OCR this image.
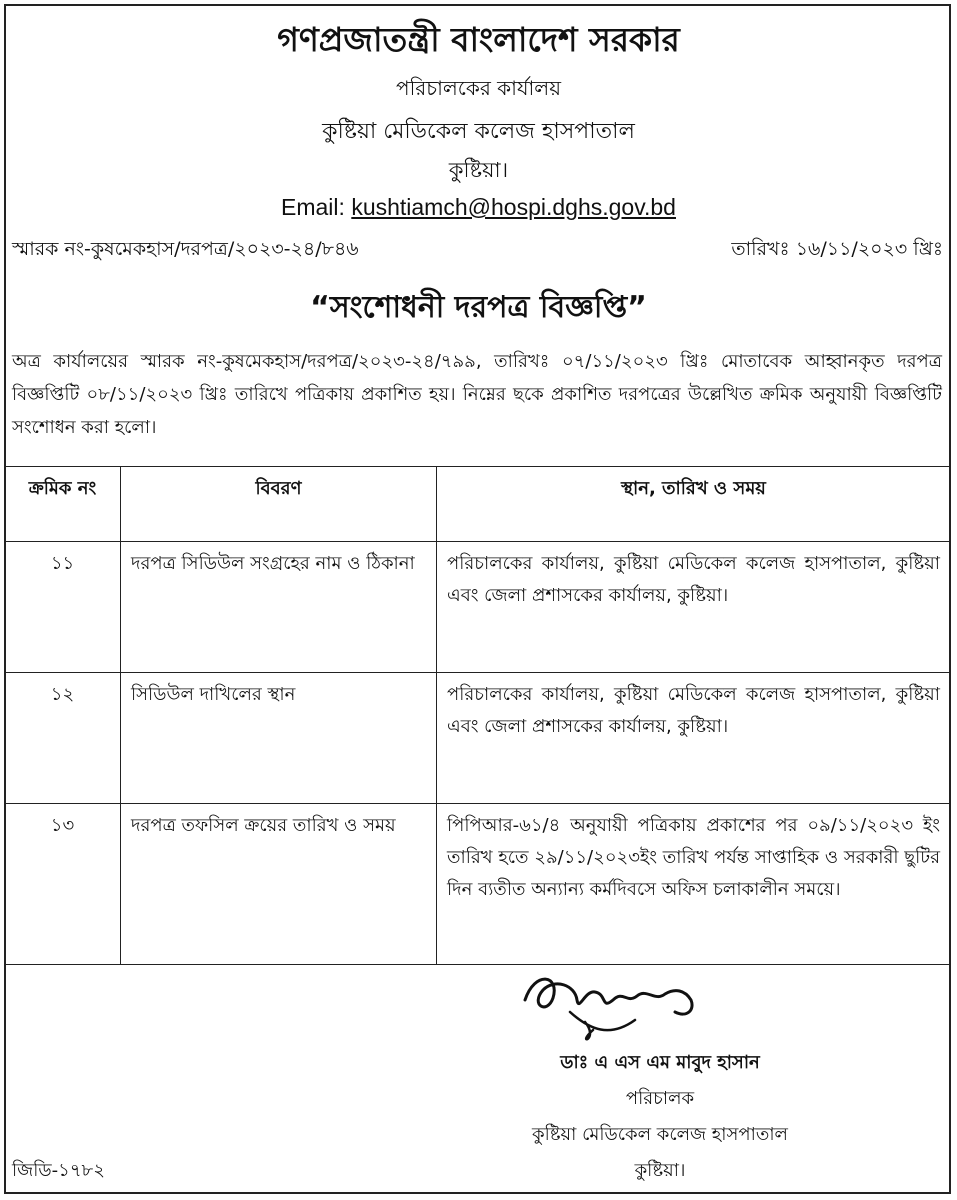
গণপ্রজাতন্ত্রী বাংলাদেশ সরকার
পরিচালকের কার্যালয়
কুষ্টিয়া মেডিকেল কলেজ হাসপাতাল
কুষ্টিয়া।
Email: kushtiamch@hospi.dghs.gov.bd
স্মারক নং-কুষমেকহাস/দরপত্র/২০২৩-২৪/৮৪৬	তারিখঃ ১৬/১১/২০২৩ খ্রিঃ
“সংশোধনী দরপত্র বিজ্ঞপ্তি”

অত্র কার্যালয়ের স্মারক নং-কুষমেকহাস/দরপত্র/২০২৩-২৪/৭৯৯, তারিখঃ ০৭/১১/২০২৩ খ্রিঃ মোতাবেক আহ্বানকৃত দরপত্র বিজ্ঞপ্তিটি ০৮/১১/২০২৩ খ্রিঃ তারিখে পত্রিকায় প্রকাশিত হয়। নিম্নের ছকে প্রকাশিত দরপত্রের উল্লেখিত ক্রমিক অনুযায়ী বিজ্ঞপ্তিটি সংশোধন করা হলো।

ক্রমিক নং	বিবরণ	স্থান, তারিখ ও সময়
১১	দরপত্র সিডিউল সংগ্রহের নাম ও ঠিকানা	পরিচালকের কার্যালয়, কুষ্টিয়া মেডিকেল কলেজ হাসপাতাল, কুষ্টিয়া এবং জেলা প্রশাসকের কার্যালয়, কুষ্টিয়া।
১২	সিডিউল দাখিলের স্থান	পরিচালকের কার্যালয়, কুষ্টিয়া মেডিকেল কলেজ হাসপাতাল, কুষ্টিয়া এবং জেলা প্রশাসকের কার্যালয়, কুষ্টিয়া।
১৩	দরপত্র তফসিল ক্রয়ের তারিখ ও সময়	পিপিআর-৬১/৪ অনুযায়ী পত্রিকায় প্রকাশের পর ০৯/১১/২০২৩ ইং তারিখ হতে ২৯/১১/২০২৩ইং তারিখ পর্যন্ত সাপ্তাহিক ও সরকারী ছুটির দিন ব্যতীত অন্যান্য কর্মদিবসে অফিস চলাকালীন সময়ে।
ডাঃ এ এস এম মাবুদ হাসান
পরিচালক
কুষ্টিয়া মেডিকেল কলেজ হাসপাতাল
কুষ্টিয়া।
জিডি-১৭৮২
